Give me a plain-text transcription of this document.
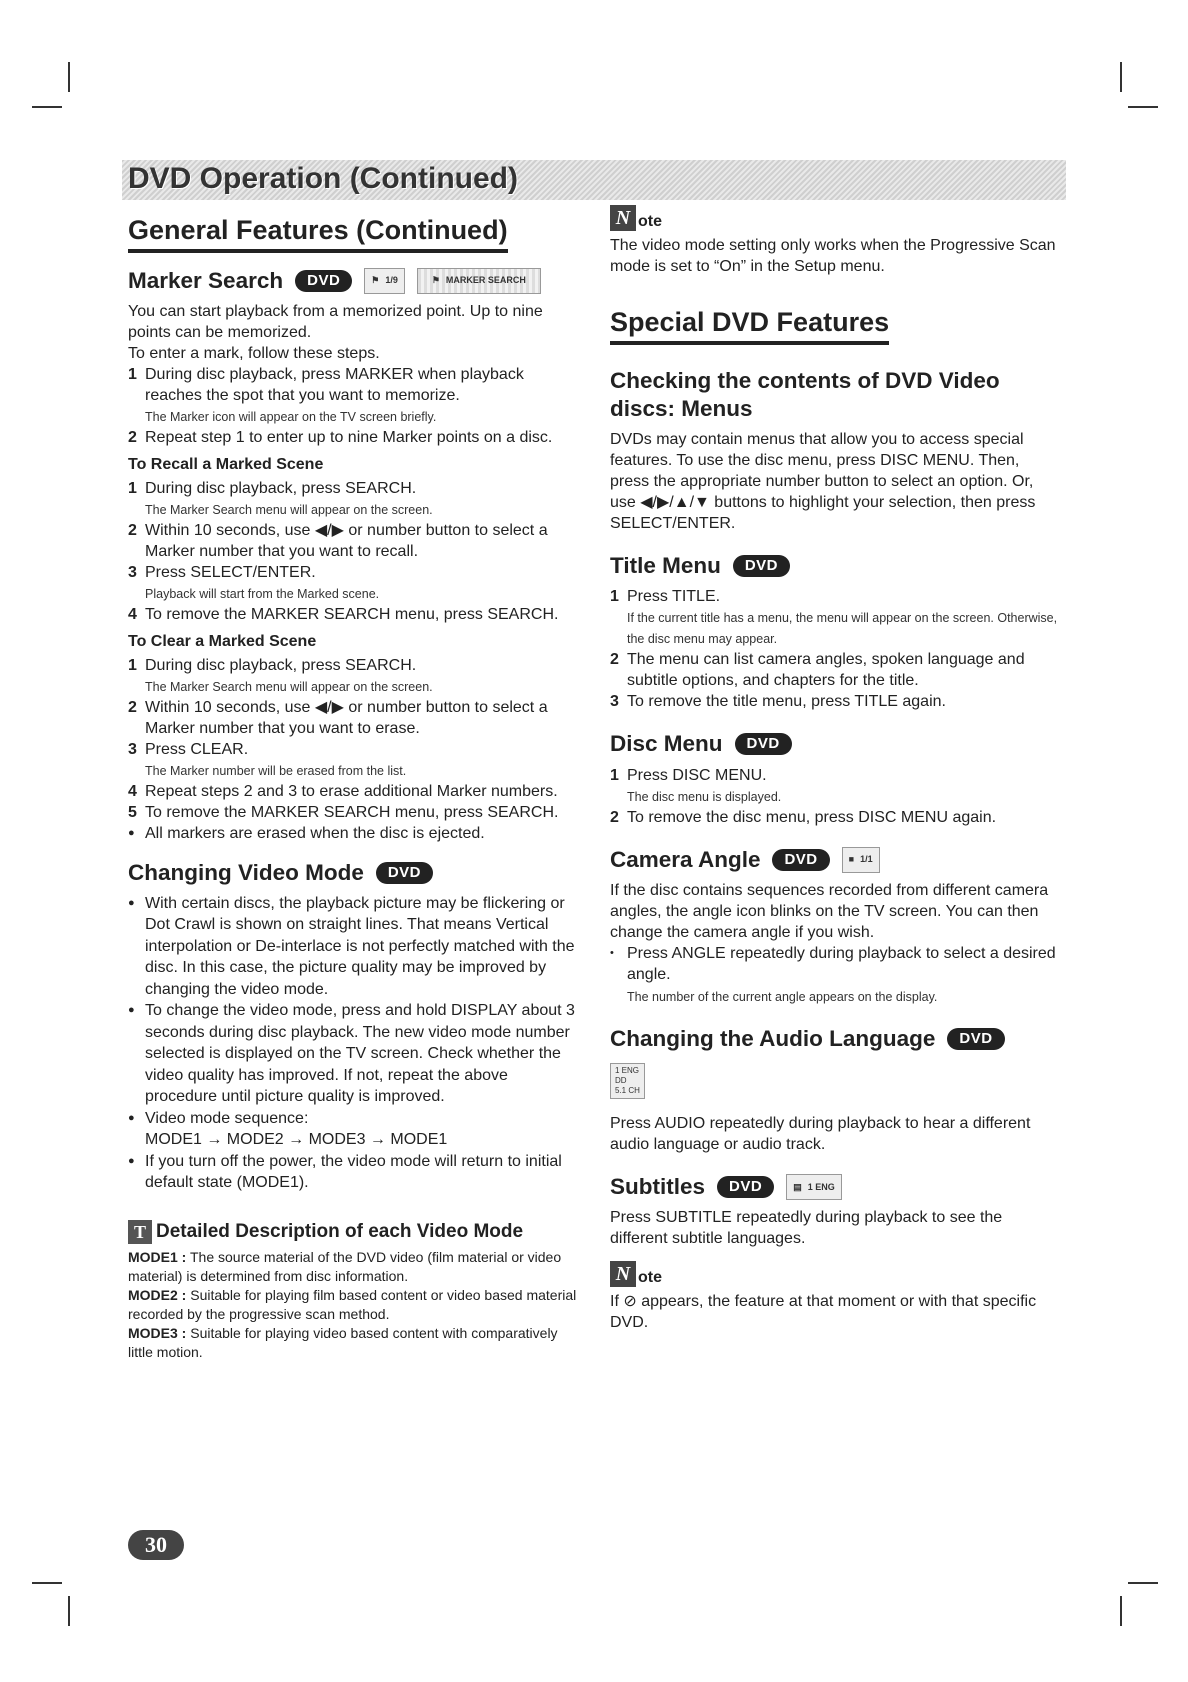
DVD Operation (Continued)
General Features (Continued)
Marker Search	DVD	⚑ 1/9	⚑ MARKER SEARCH

You can start playback from a memorized point. Up to nine points can be memorized.

To enter a mark, follow these steps.

1 During disc playback, press MARKER when playback reaches the spot that you want to memorize.
The Marker icon will appear on the TV screen briefly.
2 Repeat step 1 to enter up to nine Marker points on a disc.
To Recall a Marked Scene
1 During disc playback, press SEARCH.
The Marker Search menu will appear on the screen.
2 Within 10 seconds, use ◀/▶ or number button to select a Marker number that you want to recall.
3 Press SELECT/ENTER.
Playback will start from the Marked scene.
4 To remove the MARKER SEARCH menu, press SEARCH.
To Clear a Marked Scene
1 During disc playback, press SEARCH.
The Marker Search menu will appear on the screen.
2 Within 10 seconds, use ◀/▶ or number button to select a Marker number that you want to erase.
3 Press CLEAR.
The Marker number will be erased from the list.
4 Repeat steps 2 and 3 to erase additional Marker numbers.
5 To remove the MARKER SEARCH menu, press SEARCH.
● All markers are erased when the disc is ejected.
Changing Video Mode	DVD
● With certain discs, the playback picture may be flickering or Dot Crawl is shown on straight lines. That means Vertical interpolation or De-interlace is not perfectly matched with the disc. In this case, the picture quality may be improved by changing the video mode.
● To change the video mode, press and hold DISPLAY about 3 seconds during disc playback. The new video mode number selected is displayed on the TV screen. Check whether the video quality has improved. If not, repeat the above procedure until picture quality is improved.
● Video mode sequence:
MODE1 → MODE2 → MODE3 → MODE1
● If you turn off the power, the video mode will return to initial default state (MODE1).
T Detailed Description of each Video Mode
MODE1 : The source material of the DVD video (film material or video material) is determined from disc information.
MODE2 : Suitable for playing film based content or video based material recorded by the progressive scan method.
MODE3 : Suitable for playing video based content with comparatively little motion.
30
N ote

The video mode setting only works when the Progressive Scan mode is set to “On” in the Setup menu.

Special DVD Features
Checking the contents of DVD Video discs: Menus

DVDs may contain menus that allow you to access special features. To use the disc menu, press DISC MENU. Then, press the appropriate number button to select an option. Or, use ◀/▶/▲/▼ buttons to highlight your selection, then press SELECT/ENTER.

Title Menu	DVD
1 Press TITLE.
If the current title has a menu, the menu will appear on the screen. Otherwise, the disc menu may appear.
2 The menu can list camera angles, spoken language and subtitle options, and chapters for the title.
3 To remove the title menu, press TITLE again.
Disc Menu	DVD
1 Press DISC MENU.
The disc menu is displayed.
2 To remove the disc menu, press DISC MENU again.
Camera Angle	DVD	■ 1/1

If the disc contains sequences recorded from different camera angles, the angle icon blinks on the TV screen. You can then change the camera angle if you wish.

• Press ANGLE repeatedly during playback to select a desired angle.
The number of the current angle appears on the display.
Changing the Audio Language	DVD
1 ENG
DD
5.1 CH

Press AUDIO repeatedly during playback to hear a different audio language or audio track.

Subtitles	DVD	▤ 1 ENG

Press SUBTITLE repeatedly during playback to see the different subtitle languages.

N ote

If ⊘ appears, the feature at that moment or with that specific DVD.
